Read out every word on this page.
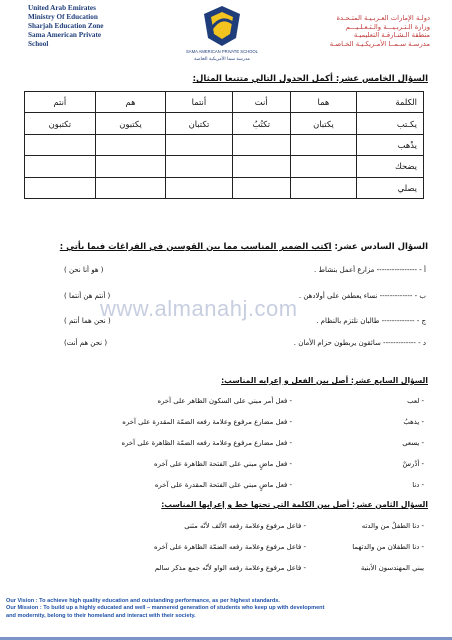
United Arab Emirates
Ministry Of Education
Sharjah Education Zone
Sama American Private
School
SAMA AMERICAN PRIVATE SCHOOL
مدرسة سما الأمريكية الخاصة
دولـة الإمارات العـربـيـة المتـحـدة
وزارة الـتـربـيـــة والـتـعـلـيـــم
منطقة الـشـارقـة التعليميـة
مدرسـة سـمــا الأمـريكـيـة الخـاصـة
السؤال الخامس عشر: أكمل الجدول التالي متتبعا المثال:
الكلمة	هما	أنت	أنتما	هم	أنتم
يكـتب	يكتبان	تكتُبُ	تكتبان	يكتبون	تكتبون
يذْهب					
يضحك					
يصلي					
السؤال السادس عشر: اكتب الضمير المناسب مما بين القوسين في الفراغات فيما يأتي :
أ - ---------------- مزارع أعمل بنشاط .
( هو أنا نحن )
ب - ------------- نساء يعطفن على أولادهن .
( أنتم هن أنتما )
ج - ------------- طالبان نلتزم بالنظام .
( نحن هما أنتم )
د - ------------- سائقون يربطون حزام الأمان .
( نحن هم أنت)
www.almanahj.com
السؤال السابع عشر: أصل بين الفعل و إعرابه المناسب:
- لعب
- فعل أمر مبني على السكون الظاهر على آخره
- يذهبُ
- فعل مضارع مرفوع وعلامة رفعه الضمّة المقدرة على آخره
- يسعى
- فعل مضارع مرفوع وعلامة رفعه الضمّة الظاهرة على آخره
- أدْرسْ
- فعل ماضٍ مبني على الفتحة الظاهرة على آخره
- دنا
- فعل ماضٍ مبني على الفتحة المقدرة على آخره
السؤال الثامن عشر: أصل بين الكلمة التي تحتها خط و إعرابها المناسب:
- دنا الطفلُ من والدته
- فاعل مرفوع وعلامة رفعه الألف لأنّه مثنى
- دنا الطفلان من والدتهما
- فاعل مرفوع وعلامة رفعه الضمّة الظاهرة على آخره
يبني المهندسون الأبنية
- فاعل مرفوع وعلامة رفعه الواو لأنّه جمع مذكر سالم

Our Vision : To achieve high quality education and outstanding performance, as per highest standards.

Our Mission : To build up a highly educated and well – mannered generation of students who keep up with development

and modernity, belong to their homeland and interact with their society.
